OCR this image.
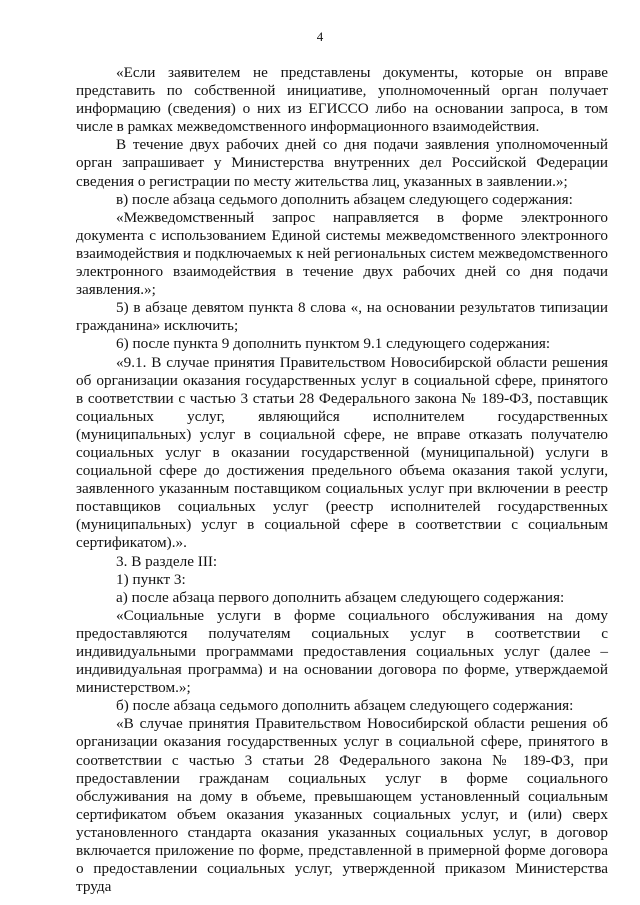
4

«Если заявителем не представлены документы, которые он вправе представить по собственной инициативе, уполномоченный орган получает информацию (сведения) о них из ЕГИССО либо на основании запроса, в том числе в рамках межведомственного информационного взаимодействия.

В течение двух рабочих дней со дня подачи заявления уполномоченный орган запрашивает у Министерства внутренних дел Российской Федерации сведения о регистрации по месту жительства лиц, указанных в заявлении.»;

в) после абзаца седьмого дополнить абзацем следующего содержания:

«Межведомственный запрос направляется в форме электронного документа с использованием Единой системы межведомственного электронного взаимодействия и подключаемых к ней региональных систем межведомственного электронного взаимодействия в течение двух рабочих дней со дня подачи заявления.»;

5) в абзаце девятом пункта 8 слова «, на основании результатов типизации гражданина» исключить;

6) после пункта 9 дополнить пунктом 9.1 следующего содержания:

«9.1. В случае принятия Правительством Новосибирской области решения об организации оказания государственных услуг в социальной сфере, принятого в соответствии с частью 3 статьи 28 Федерального закона № 189-ФЗ, поставщик социальных услуг, являющийся исполнителем государственных (муниципальных) услуг в социальной сфере, не вправе отказать получателю социальных услуг в оказании государственной (муниципальной) услуги в социальной сфере до достижения предельного объема оказания такой услуги, заявленного указанным поставщиком социальных услуг при включении в реестр поставщиков социальных услуг (реестр исполнителей государственных (муниципальных) услуг в социальной сфере в соответствии с социальным сертификатом).».

3. В разделе III:

1) пункт 3:

а) после абзаца первого дополнить абзацем следующего содержания:

«Социальные услуги в форме социального обслуживания на дому предоставляются получателям социальных услуг в соответствии с индивидуальными программами предоставления социальных услуг (далее – индивидуальная программа) и на основании договора по форме, утверждаемой министерством.»;

б) после абзаца седьмого дополнить абзацем следующего содержания:

«В случае принятия Правительством Новосибирской области решения об организации оказания государственных услуг в социальной сфере, принятого в соответствии с частью 3 статьи 28 Федерального закона № 189-ФЗ, при предоставлении гражданам социальных услуг в форме социального обслуживания на дому в объеме, превышающем установленный социальным сертификатом объем оказания указанных социальных услуг, и (или) сверх установленного стандарта оказания указанных социальных услуг, в договор включается приложение по форме, представленной в примерной форме договора о предоставлении социальных услуг, утвержденной приказом Министерства труда
